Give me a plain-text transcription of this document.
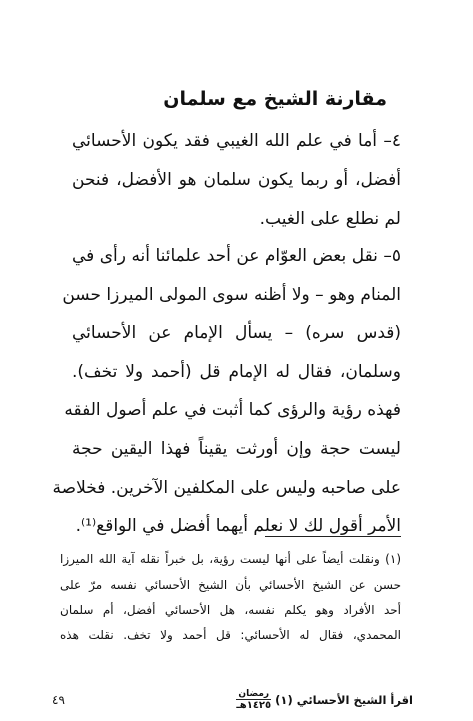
مقارنة الشيخ مع سلمان
٤– أما في علم الله الغيبي فقد يكون الأحسائي
أفضل، أو ربما يكون سلمان هو الأفضل، فنحن
لم نطلع على الغيب.
٥– نقل بعض العوّام عن أحد علمائنا أنه رأى في
المنام وهو – ولا أظنه سوى المولى الميرزا حسن
(قدس سره) – يسأل الإمام عن الأحسائي
وسلمان، فقال له الإمام قل (أحمد ولا تخف).
فهذه رؤية والرؤى كما أثبت في علم أصول الفقه
ليست حجة وإن أورثت يقيناً فهذا اليقين حجة
على صاحبه وليس على المكلفين الآخرين. فخلاصة
الأمر أقول لك لا نعلم أيهما أفضل في الواقع⁽¹⁾.
(١) ونقلت أيضاً على أنها ليست رؤية، بل خبراً نقله آية الله الميرزا
حسن عن الشيخ الأحسائي بأن الشيخ الأحسائي نفسه مرّ على
أحد الأفراد وهو يكلم نفسه، هل الأحسائي أفضل، أم سلمان
المحمدي، فقال له الأحسائي: قل أحمد ولا تخف. نقلت هذه
٤٩	اقرأ الشيخ الأحسائي (١)
رمضان
١٤٢٥هـ
